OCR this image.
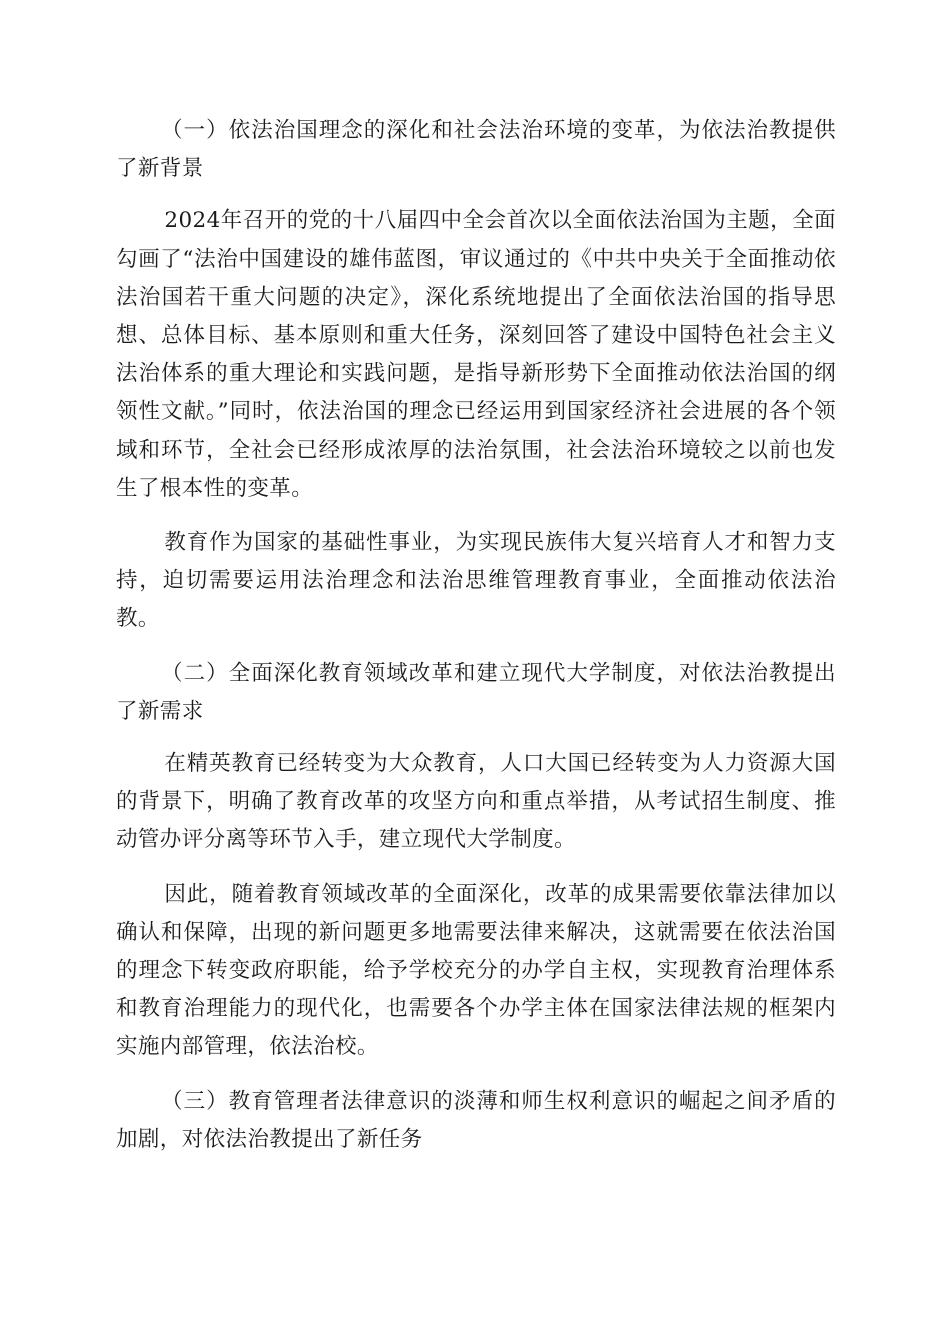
（一）依法治国理念的深化和社会法治环境的变革，为依法治教提供了新背景

2024年召开的党的十八届四中全会首次以全面依法治国为主题，全面勾画了“法治中国建设的雄伟蓝图，审议通过的《中共中央关于全面推动依法治国若干重大问题的决定》，深化系统地提出了全面依法治国的指导思想、总体目标、基本原则和重大任务，深刻回答了建设中国特色社会主义法治体系的重大理论和实践问题，是指导新形势下全面推动依法治国的纲领性文献。”同时，依法治国的理念已经运用到国家经济社会进展的各个领域和环节，全社会已经形成浓厚的法治氛围，社会法治环境较之以前也发生了根本性的变革。

教育作为国家的基础性事业，为实现民族伟大复兴培育人才和智力支持，迫切需要运用法治理念和法治思维管理教育事业，全面推动依法治教。

（二）全面深化教育领域改革和建立现代大学制度，对依法治教提出了新需求

在精英教育已经转变为大众教育，人口大国已经转变为人力资源大国的背景下，明确了教育改革的攻坚方向和重点举措，从考试招生制度、推动管办评分离等环节入手，建立现代大学制度。

因此，随着教育领域改革的全面深化，改革的成果需要依靠法律加以确认和保障，出现的新问题更多地需要法律来解决，这就需要在依法治国的理念下转变政府职能，给予学校充分的办学自主权，实现教育治理体系和教育治理能力的现代化，也需要各个办学主体在国家法律法规的框架内实施内部管理，依法治校。

（三）教育管理者法律意识的淡薄和师生权利意识的崛起之间矛盾的加剧，对依法治教提出了新任务
